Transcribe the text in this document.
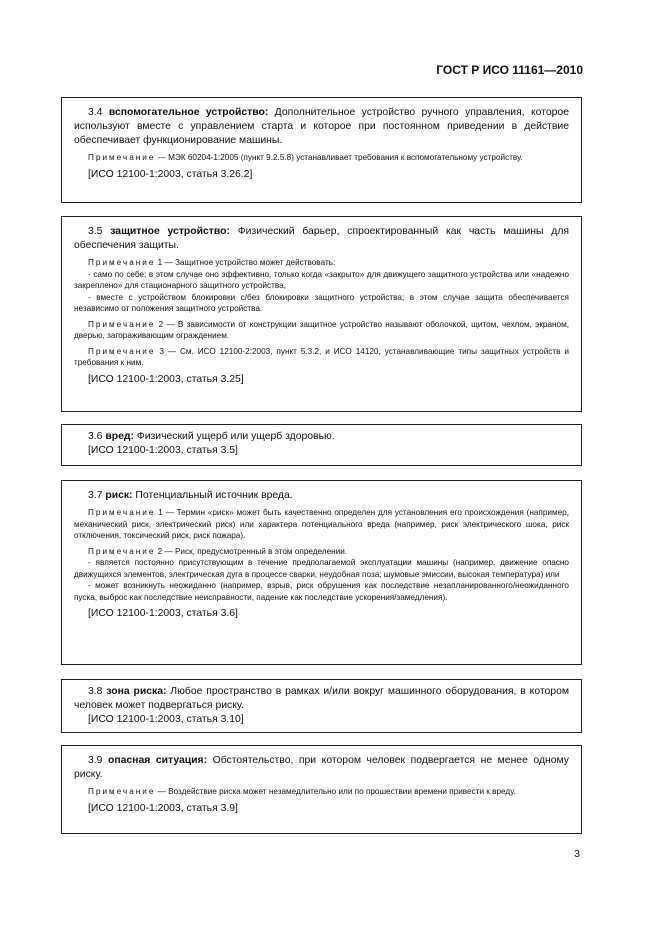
ГОСТ Р ИСО 11161—2010

3.4 вспомогательное устройство: Дополнительное устройство ручного управления, которое используют вместе с управлением старта и которое при постоянном приведении в действие обеспечивает функционирование машины.

Примечание — МЭК 60204-1:2005 (пункт 9.2.5.8) устанавливает требования к вспомогательному устройству.

[ИСО 12100-1:2003, статья 3.26.2]

3.5 защитное устройство: Физический барьер, спроектированный как часть машины для обеспечения защиты.

Примечание 1 — Защитное устройство может действовать:

- само по себе; в этом случае оно эффективно, только когда «закрыто» для движущего защитного устройства или «надежно закреплено» для стационарного защитного устройства,

- вместе с устройством блокировки с/без блокировки защитного устройства; в этом случае защита обеспечивается независимо от положения защитного устройства.

Примечание 2 — В зависимости от конструкции защитное устройство называют оболочкой, щитом, чехлом, экраном, дверью, загораживающим ограждением.

Примечание 3 — См. ИСО 12100-2:2003, пункт 5.3.2, и ИСО 14120, устанавливающие типы защитных устройств и требования к ним.

[ИСО 12100-1:2003, статья 3.25]

3.6 вред: Физический ущерб или ущерб здоровью.

[ИСО 12100-1:2003, статья 3.5]

3.7 риск: Потенциальный источник вреда.

Примечание 1 — Термин «риск» может быть качественно определен для установления его происхождения (например, механический риск, электрический риск) или характера потенциального вреда (например, риск электрического шока, риск отключения, токсический риск, риск пожара).

Примечание 2 — Риск, предусмотренный в этом определении.

- является постоянно присутствующим в течение предполагаемой эксплуатации машины (например, движение опасно движущихся элементов, электрическая дуга в процессе сварки, неудобная поза; шумовые эмиссии, высокая температура) или

- может возникнуть неожиданно (например, взрыв, риск обрушения как последствие незапланированного/неожиданного пуска, выброс как последствие неисправности, падение как последствие ускорения/замедления).

[ИСО 12100-1:2003, статья 3.6]

3.8 зона риска: Любое пространство в рамках и/или вокруг машинного оборудования, в котором человек может подвергаться риску.

[ИСО 12100-1:2003, статья 3.10]

3.9 опасная ситуация: Обстоятельство, при котором человек подвергается не менее одному риску.

Примечание — Воздействие риска может незамедлительно или по прошествии времени привести к вреду.

[ИСО 12100-1:2003, статья 3.9]

3
